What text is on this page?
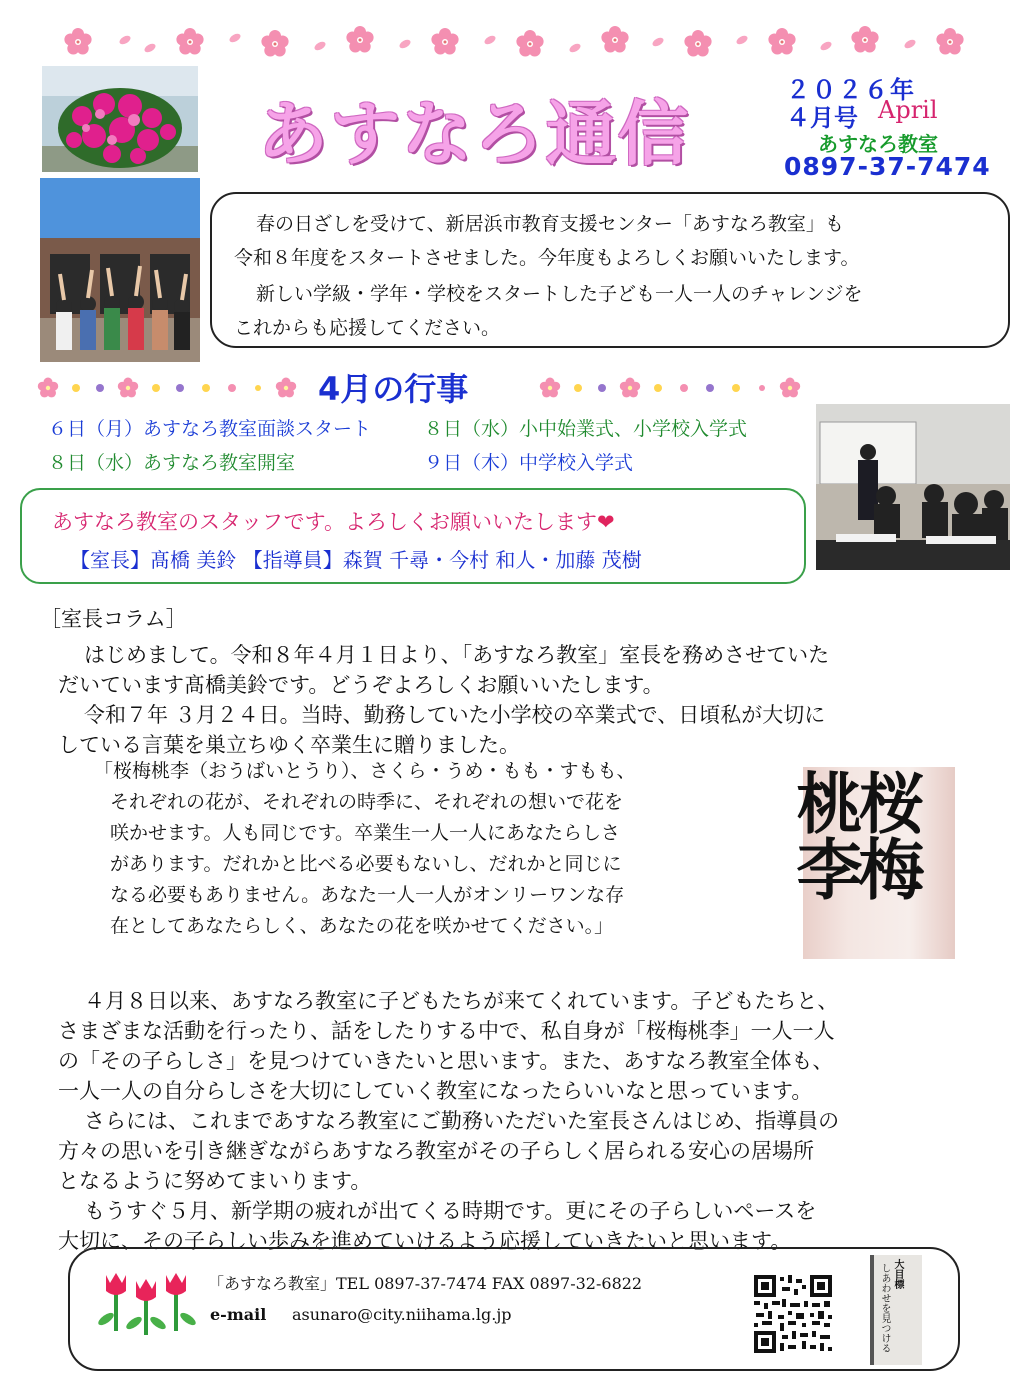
あすなろ通信
２０２６年
４月号 April
あすなろ教室
0897-37-7474

春の日ざしを受けて、新居浜市教育支援センター「あすなろ教室」も

令和８年度をスタートさせました。今年度もよろしくお願いいたします。

新しい学級・学年・学校をスタートした子ども一人一人のチャレンジを

これからも応援してください。

4月の行事
６日（月）あすなろ教室面談スタート	８日（水）小中始業式、小学校入学式
８日（水）あすなろ教室開室	９日（木）中学校入学式
あすなろ教室のスタッフです。よろしくお願いいたします❤
【室長】髙橋 美鈴 【指導員】森賀 千尋・今村 和人・加藤 茂樹
［室長コラム］
はじめまして。令和８年４月１日より、「あすなろ教室」室長を務めさせていた
だいています髙橋美鈴です。どうぞよろしくお願いいたします。
令和７年 ３月２４日。当時、勤務していた小学校の卒業式で、日頃私が大切に
している言葉を巣立ちゆく卒業生に贈りました。
「桜梅桃李（おうばいとうり）、さくら・うめ・もも・すもも、
それぞれの花が、それぞれの時季に、それぞれの想いで花を
咲かせます。人も同じです。卒業生一人一人にあなたらしさ
があります。だれかと比べる必要もないし、だれかと同じに
なる必要もありません。あなた一人一人がオンリーワンな存
在としてあなたらしく、あなたの花を咲かせてください。」
桜梅桃李
４月８日以来、あすなろ教室に子どもたちが来てくれています。子どもたちと、
さまざまな活動を行ったり、話をしたりする中で、私自身が「桜梅桃李」一人一人
の「その子らしさ」を見つけていきたいと思います。また、あすなろ教室全体も、
一人一人の自分らしさを大切にしていく教室になったらいいなと思っています。
さらには、これまであすなろ教室にご勤務いただいた室長さんはじめ、指導員の
方々の思いを引き継ぎながらあすなろ教室がその子らしく居られる安心の居場所
となるように努めてまいります。
もうすぐ５月、新学期の疲れが出てくる時期です。更にその子らしいペースを
大切に、その子らしい歩みを進めていけるよう応援していきたいと思います。
「あすなろ教室」TEL 0897-37-7474 FAX 0897-32-6822
e-mail asunaro@city.niihama.lg.jp
大目標
しあわせを見つける
